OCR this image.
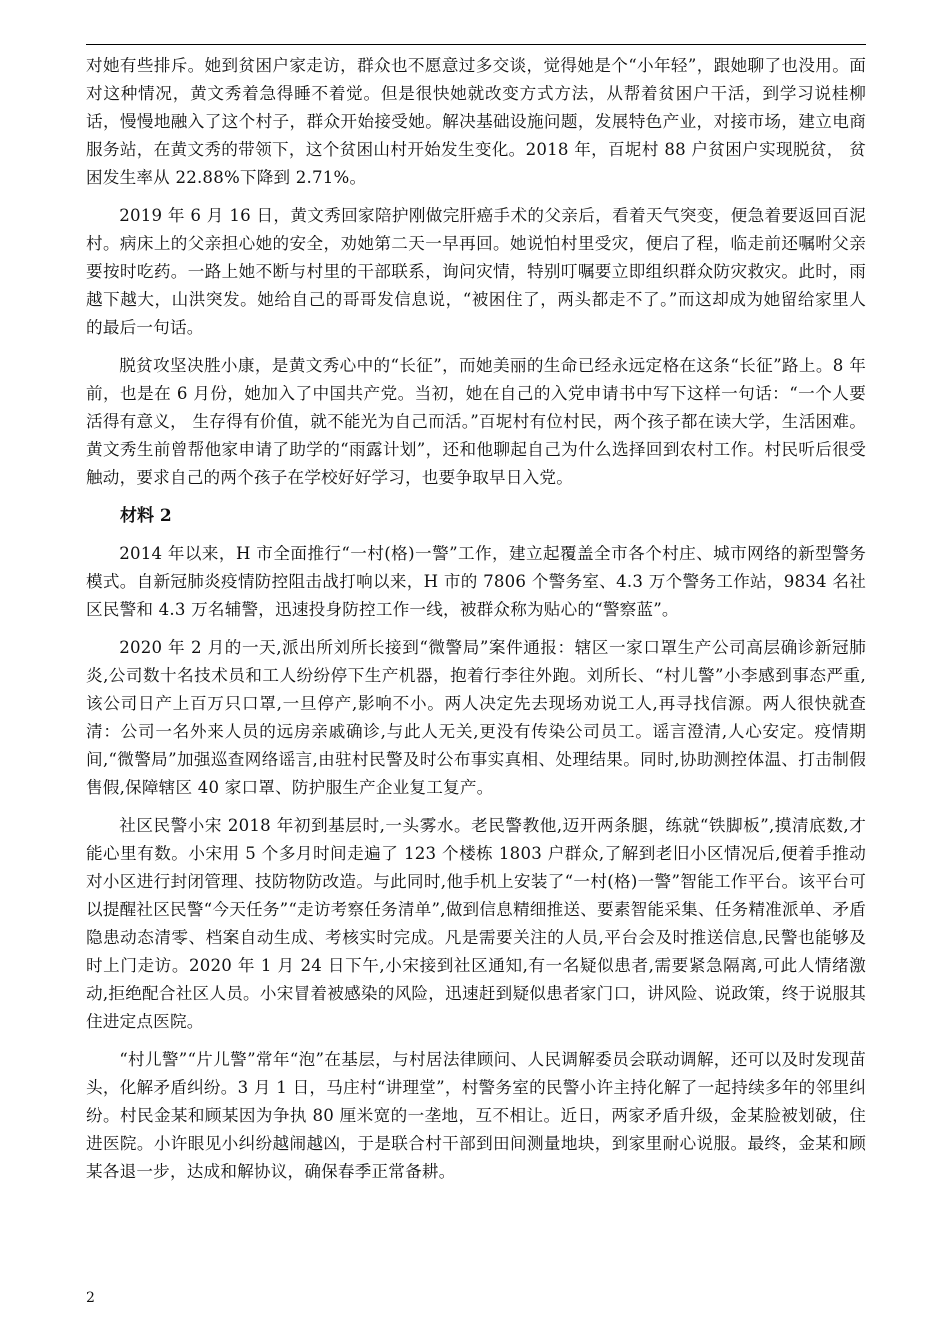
对她有些排斥。她到贫困户家走访，群众也不愿意过多交谈，觉得她是个“小年轻”，跟她聊了也没用。面对这种情况，黄文秀着急得睡不着觉。但是很快她就改变方式方法，从帮着贫困户干活，到学习说桂柳话，慢慢地融入了这个村子，群众开始接受她。解决基础设施问题，发展特色产业，对接市场，建立电商服务站，在黄文秀的带领下，这个贫困山村开始发生变化。2018 年，百坭村 88 户贫困户实现脱贫， 贫困发生率从 22.88%下降到 2.71%。

2019 年 6 月 16 日，黄文秀回家陪护刚做完肝癌手术的父亲后，看着天气突变，便急着要返回百泥村。病床上的父亲担心她的安全，劝她第二天一早再回。她说怕村里受灾，便启了程，临走前还嘱咐父亲要按时吃药。一路上她不断与村里的干部联系，询问灾情，特别叮嘱要立即组织群众防灾救灾。此时，雨越下越大，山洪突发。她给自己的哥哥发信息说，“被困住了，两头都走不了。”而这却成为她留给家里人的最后一句话。

脱贫攻坚决胜小康，是黄文秀心中的“长征”，而她美丽的生命已经永远定格在这条“长征”路上。8 年前，也是在 6 月份，她加入了中国共产党。当初，她在自己的入党申请书中写下这样一句话：“一个人要活得有意义， 生存得有价值，就不能光为自己而活。”百坭村有位村民，两个孩子都在读大学，生活困难。黄文秀生前曾帮他家申请了助学的“雨露计划”，还和他聊起自己为什么选择回到农村工作。村民听后很受触动，要求自己的两个孩子在学校好好学习，也要争取早日入党。

材料 2

2014 年以来，H 市全面推行“一村(格)一警”工作，建立起覆盖全市各个村庄、城市网络的新型警务模式。自新冠肺炎疫情防控阻击战打响以来，H 市的 7806 个警务室、4.3 万个警务工作站，9834 名社区民警和 4.3 万名辅警，迅速投身防控工作一线，被群众称为贴心的“警察蓝”。

2020 年 2 月的一天,派出所刘所长接到“微警局”案件通报：辖区一家口罩生产公司高层确诊新冠肺炎,公司数十名技术员和工人纷纷停下生产机器，抱着行李往外跑。刘所长、“村儿警”小李感到事态严重,该公司日产上百万只口罩,一旦停产,影响不小。两人决定先去现场劝说工人,再寻找信源。两人很快就查清：公司一名外来人员的远房亲戚确诊,与此人无关,更没有传染公司员工。谣言澄清,人心安定。疫情期间,“微警局”加强巡查网络谣言,由驻村民警及时公布事实真相、处理结果。同时,协助测控体温、打击制假售假,保障辖区 40 家口罩、防护服生产企业复工复产。

社区民警小宋 2018 年初到基层时,一头雾水。老民警教他,迈开两条腿，练就“铁脚板”,摸清底数,才能心里有数。小宋用 5 个多月时间走遍了 123 个楼栋 1803 户群众,了解到老旧小区情况后,便着手推动对小区进行封闭管理、技防物防改造。与此同时,他手机上安装了“一村(格)一警”智能工作平台。该平台可以提醒社区民警“今天任务”“走访考察任务清单”,做到信息精细推送、要素智能采集、任务精准派单、矛盾隐患动态清零、档案自动生成、考核实时完成。凡是需要关注的人员,平台会及时推送信息,民警也能够及时上门走访。2020 年 1 月 24 日下午,小宋接到社区通知,有一名疑似患者,需要紧急隔离,可此人情绪激动,拒绝配合社区人员。小宋冒着被感染的风险，迅速赶到疑似患者家门口，讲风险、说政策，终于说服其住进定点医院。

“村儿警”“片儿警”常年“泡”在基层，与村居法律顾问、人民调解委员会联动调解，还可以及时发现苗头，化解矛盾纠纷。3 月 1 日，马庄村“讲理堂”，村警务室的民警小许主持化解了一起持续多年的邻里纠纷。村民金某和顾某因为争执 80 厘米宽的一垄地，互不相让。近日，两家矛盾升级，金某脸被划破，住进医院。小许眼见小纠纷越闹越凶，于是联合村干部到田间测量地块，到家里耐心说服。最终，金某和顾某各退一步，达成和解协议，确保春季正常备耕。

2
